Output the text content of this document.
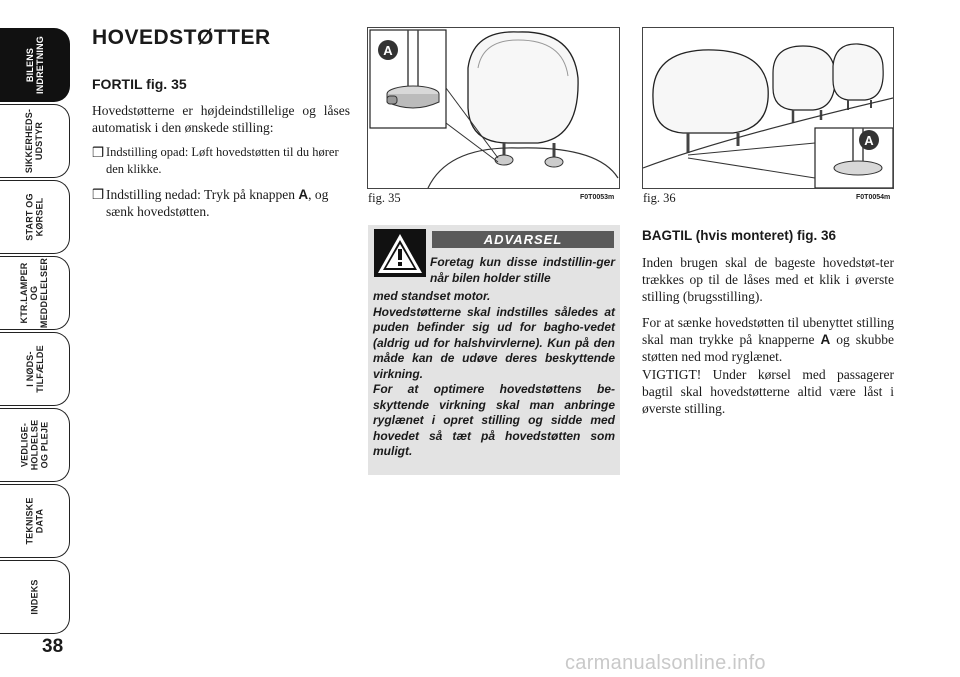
BILENS
INDRETNING
SIKKERHEDS-
UDSTYR
START OG
KØRSEL
KTR.LAMPER
OG
MEDDELELSER
I NØDS-
TILFÆLDE
VEDLIGE-
HOLDELSE
OG PLEJE
TEKNISKE
DATA
INDEKS
38
HOVEDSTØTTER
FORTIL fig. 35
Hovedstøtterne er højdeindstillelige og låses automatisk i den ønskede stilling:
❒ Indstilling opad: Løft hovedstøtten til du hører den klikke.
❒ Indstilling nedad: Tryk på knappen A, og sænk hovedstøtten.
A
fig. 35	F0T0053m
A
fig. 36	F0T0054m
ADVARSEL
Foretag kun disse indstillin-ger når bilen holder stille

med standset motor.

Hovedstøtterne skal indstilles således at puden befinder sig ud for bagho-vedet (aldrig ud for halshvirvlerne). Kun på den måde kan de udøve deres beskyttende virkning.

For at optimere hovedstøttens be-skyttende virkning skal man anbringe ryglænet i opret stilling og sidde med hovedet så tæt på hovedstøtten som muligt.

BAGTIL (hvis monteret) fig. 36
Inden brugen skal de bageste hovedstøt-ter trækkes op til de låses med et klik i øverste stilling (brugsstilling).
For at sænke hovedstøtten til ubenyttet stilling skal man trykke på knapperne A og skubbe støtten ned mod ryglænet.
VIGTIGT! Under kørsel med passagerer bagtil skal hovedstøtterne altid være låst i øverste stilling.
carmanualsonline.info
